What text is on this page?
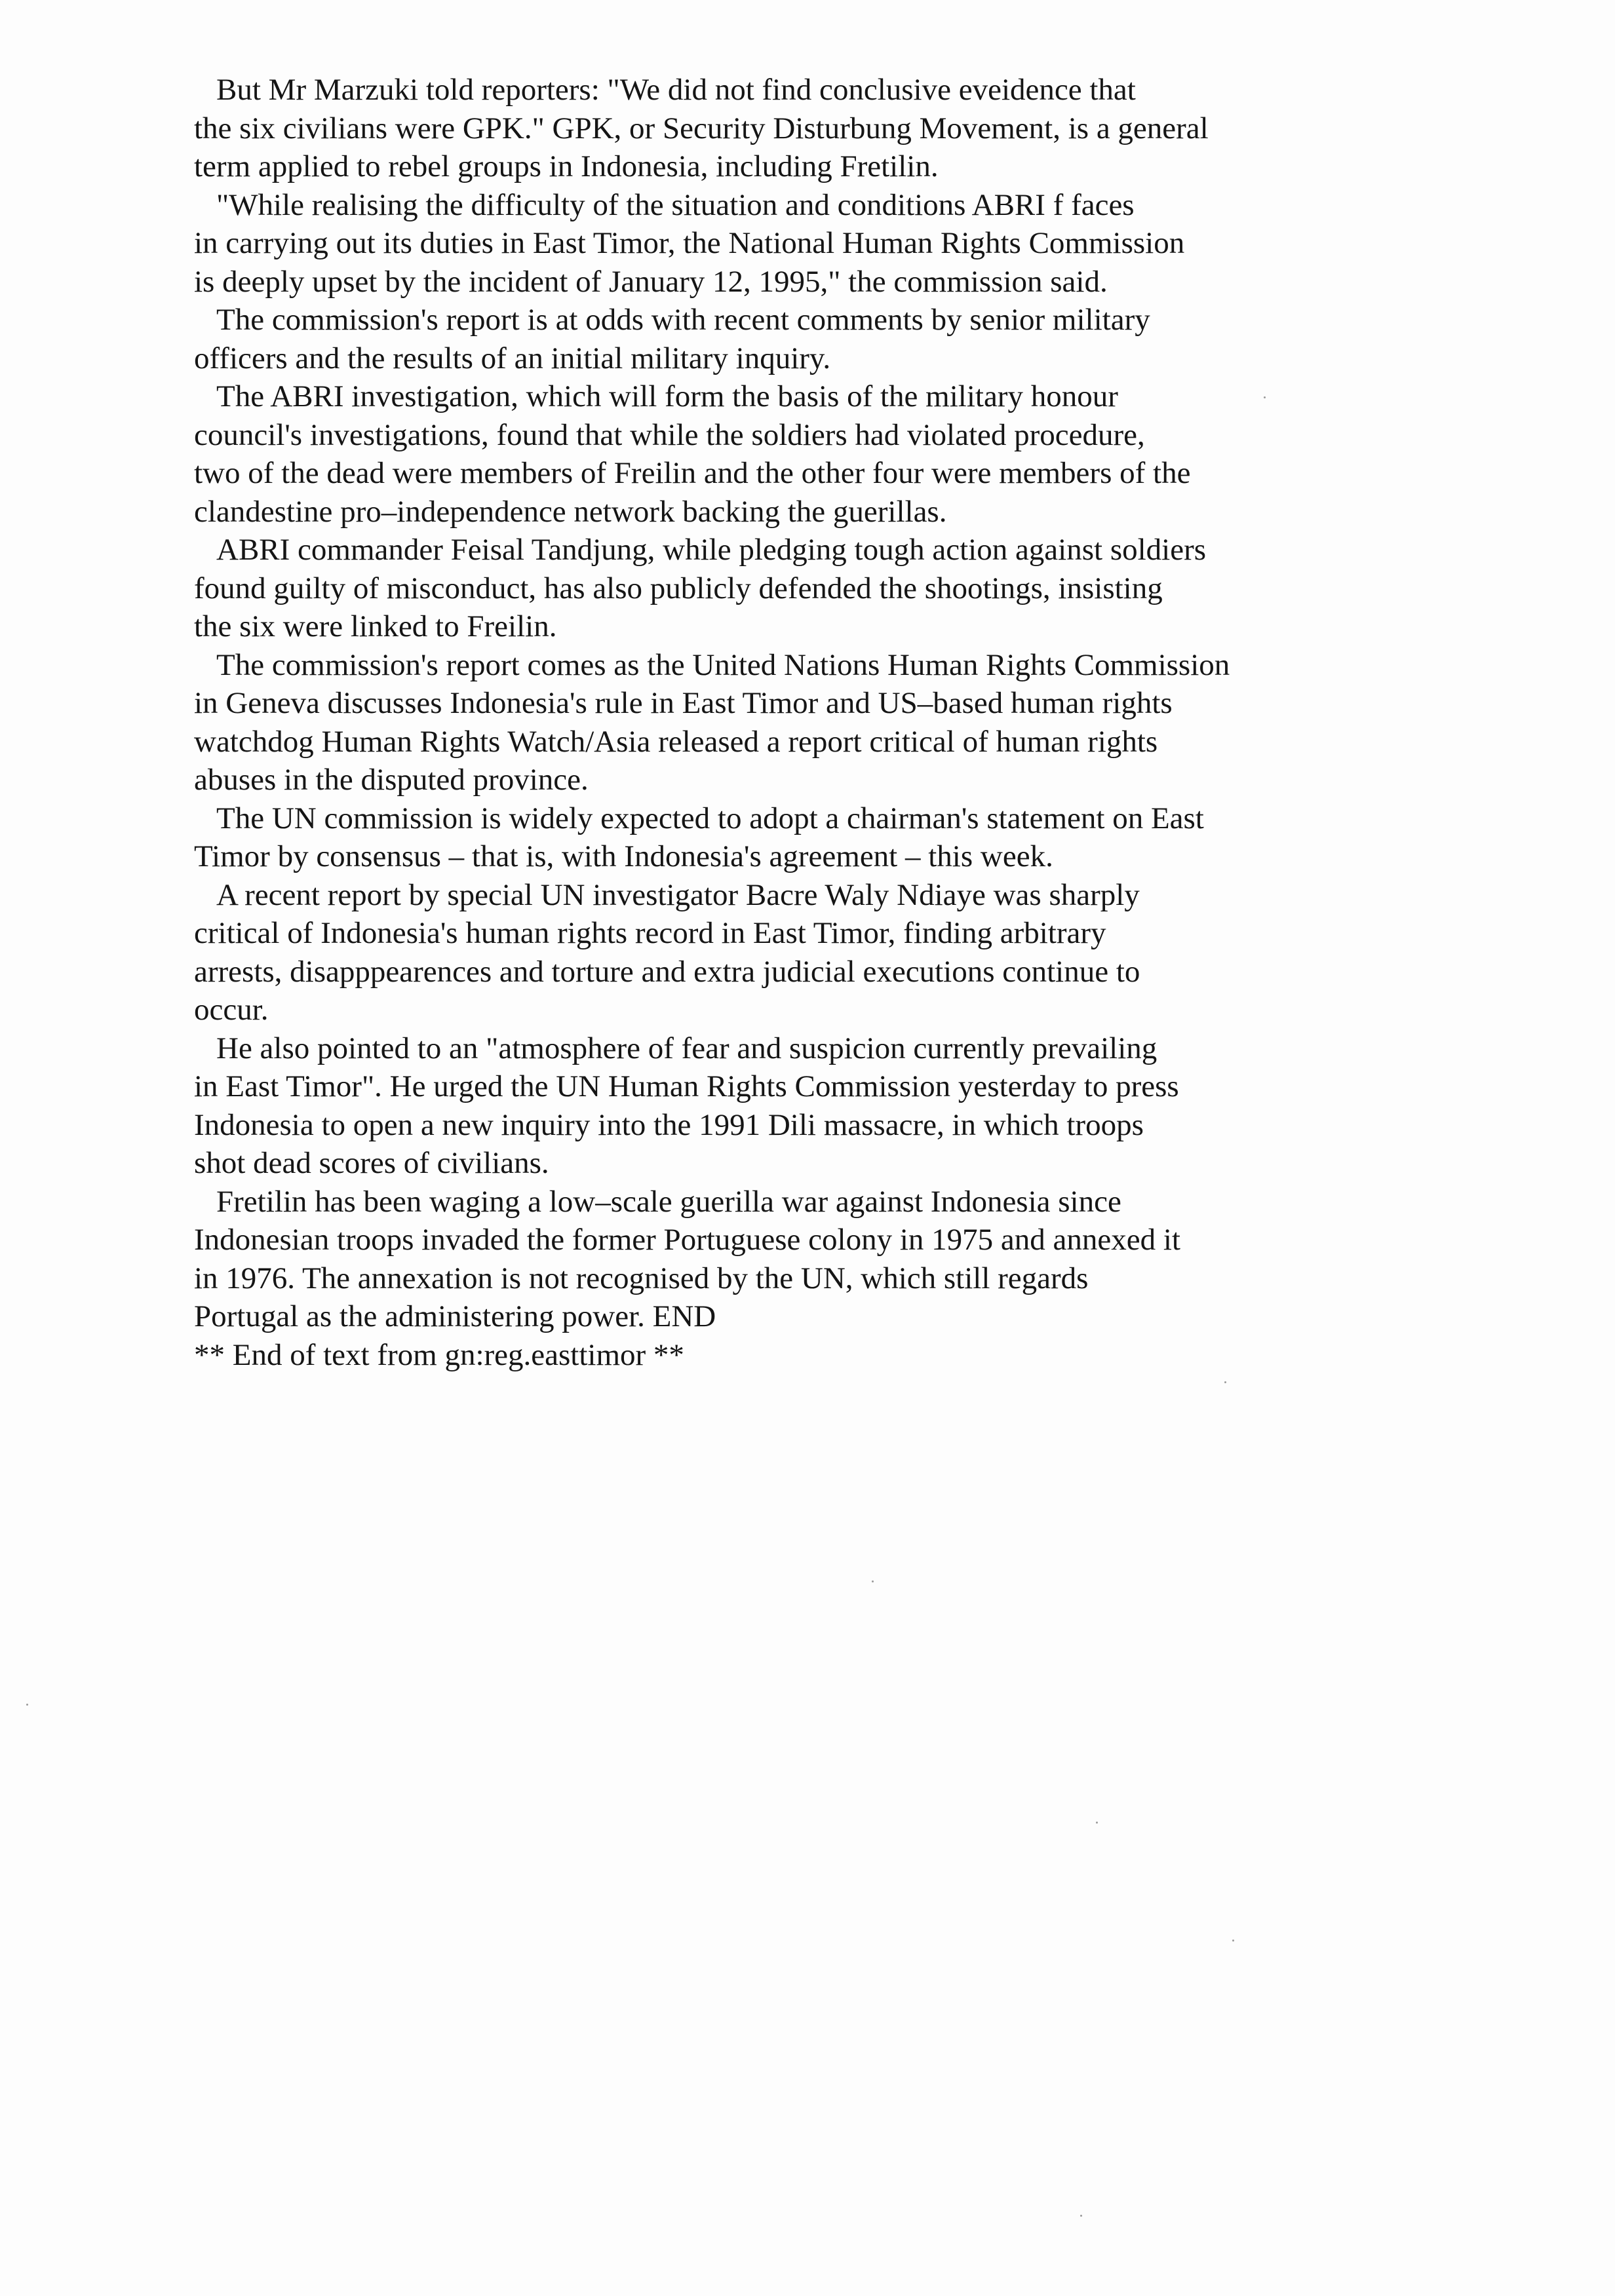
But Mr Marzuki told reporters: "We did not find conclusive eveidence that
the six civilians were GPK." GPK, or Security Disturbung Movement, is a general
term applied to rebel groups in Indonesia, including Fretilin.

"While realising the difficulty of the situation and conditions ABRI f faces
in carrying out its duties in East Timor, the National Human Rights Commission
is deeply upset by the incident of January 12, 1995," the commission said.

The commission's report is at odds with recent comments by senior military
officers and the results of an initial military inquiry.

The ABRI investigation, which will form the basis of the military honour
council's investigations, found that while the soldiers had violated procedure,
two of the dead were members of Freilin and the other four were members of the
clandestine pro–independence network backing the guerillas.

ABRI commander Feisal Tandjung, while pledging tough action against soldiers
found guilty of misconduct, has also publicly defended the shootings, insisting
the six were linked to Freilin.

The commission's report comes as the United Nations Human Rights Commission
in Geneva discusses Indonesia's rule in East Timor and US–based human rights
watchdog Human Rights Watch/Asia released a report critical of human rights
abuses in the disputed province.

The UN commission is widely expected to adopt a chairman's statement on East
Timor by consensus – that is, with Indonesia's agreement – this week.

A recent report by special UN investigator Bacre Waly Ndiaye was sharply
critical of Indonesia's human rights record in East Timor, finding arbitrary
arrests, disapppearences and torture and extra judicial executions continue to
occur.

He also pointed to an "atmosphere of fear and suspicion currently prevailing
in East Timor". He urged the UN Human Rights Commission yesterday to press
Indonesia to open a new inquiry into the 1991 Dili massacre, in which troops
shot dead scores of civilians.

Fretilin has been waging a low–scale guerilla war against Indonesia since
Indonesian troops invaded the former Portuguese colony in 1975 and annexed it
in 1976. The annexation is not recognised by the UN, which still regards
Portugal as the administering power. END

** End of text from gn:reg.easttimor **
